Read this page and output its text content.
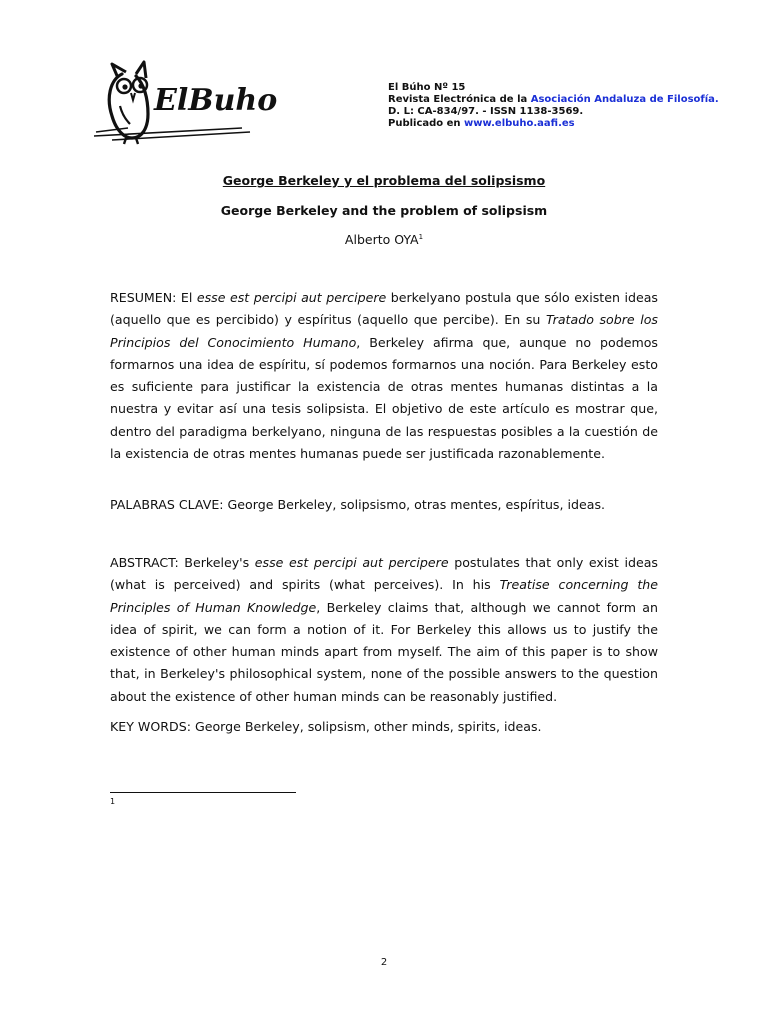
ElBuho	El Búho Nº 15
Revista Electrónica de la Asociación Andaluza de Filosofía.
D. L: CA-834/97. - ISSN 1138-3569.
Publicado en www.elbuho.aafi.es
George Berkeley y el problema del solipsismo
George Berkeley and the problem of solipsism
Alberto OYA$^1$

RESUMEN: El esse est percipi aut percipere berkelyano postula que sólo existen ideas (aquello que es percibido) y espíritus (aquello que percibe). En su Tratado sobre los Principios del Conocimiento Humano, Berkeley afirma que, aunque no podemos formarnos una idea de espíritu, sí podemos formarnos una noción. Para Berkeley esto es suficiente para justificar la existencia de otras mentes humanas distintas a la nuestra y evitar así una tesis solipsista. El objetivo de este artículo es mostrar que, dentro del paradigma berkelyano, ninguna de las respuestas posibles a la cuestión de la existencia de otras mentes humanas puede ser justificada razonablemente.

PALABRAS CLAVE: George Berkeley, solipsismo, otras mentes, espíritus, ideas.

ABSTRACT: Berkeley's esse est percipi aut percipere postulates that only exist ideas (what is perceived) and spirits (what perceives). In his Treatise concerning the Principles of Human Knowledge, Berkeley claims that, although we cannot form an idea of spirit, we can form a notion of it. For Berkeley this allows us to justify the existence of other human minds apart from myself. The aim of this paper is to show that, in Berkeley's philosophical system, none of the possible answers to the question about the existence of other human minds can be reasonably justified.

KEY WORDS: George Berkeley, solipsism, other minds, spirits, ideas.

1
2
